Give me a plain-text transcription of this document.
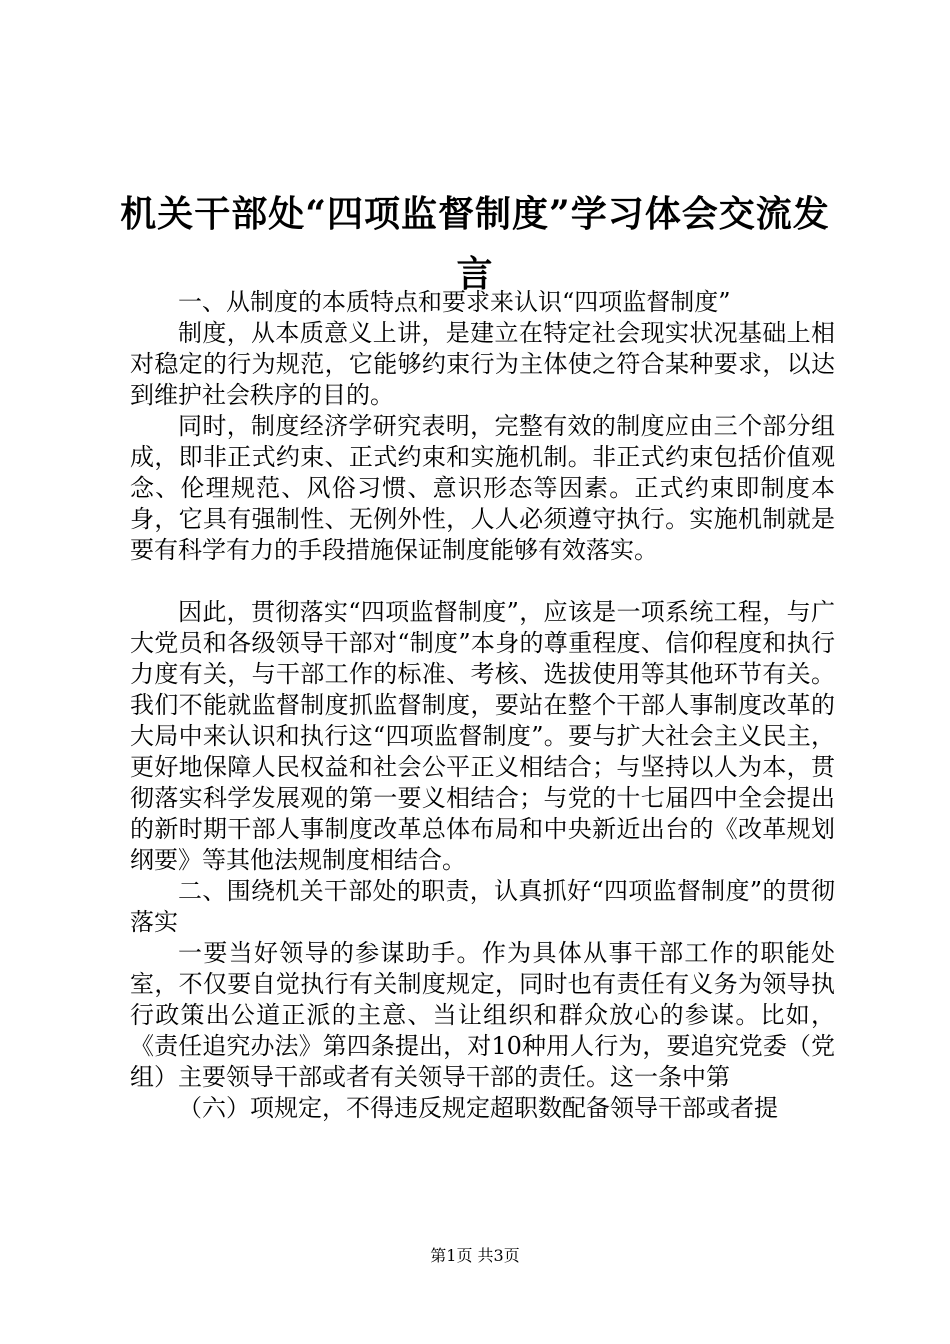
机关干部处“四项监督制度”学习体会交流发言

一、从制度的本质特点和要求来认识“四项监督制度”

制度，从本质意义上讲，是建立在特定社会现实状况基础上相对稳定的行为规范，它能够约束行为主体使之符合某种要求，以达到维护社会秩序的目的。

同时，制度经济学研究表明，完整有效的制度应由三个部分组成，即非正式约束、正式约束和实施机制。非正式约束包括价值观念、伦理规范、风俗习惯、意识形态等因素。正式约束即制度本身，它具有强制性、无例外性，人人必须遵守执行。实施机制就是要有科学有力的手段措施保证制度能够有效落实。

因此，贯彻落实“四项监督制度”，应该是一项系统工程，与广大党员和各级领导干部对“制度”本身的尊重程度、信仰程度和执行力度有关，与干部工作的标准、考核、选拔使用等其他环节有关。我们不能就监督制度抓监督制度，要站在整个干部人事制度改革的大局中来认识和执行这“四项监督制度”。要与扩大社会主义民主，更好地保障人民权益和社会公平正义相结合；与坚持以人为本，贯彻落实科学发展观的第一要义相结合；与党的十七届四中全会提出的新时期干部人事制度改革总体布局和中央新近出台的《改革规划纲要》等其他法规制度相结合。

二、围绕机关干部处的职责，认真抓好“四项监督制度”的贯彻落实

一要当好领导的参谋助手。作为具体从事干部工作的职能处室，不仅要自觉执行有关制度规定，同时也有责任有义务为领导执行政策出公道正派的主意、当让组织和群众放心的参谋。比如，《责任追究办法》第四条提出，对10种用人行为，要追究党委（党组）主要领导干部或者有关领导干部的责任。这一条中第

（六）项规定，不得违反规定超职数配备领导干部或者提

第1页 共3页
